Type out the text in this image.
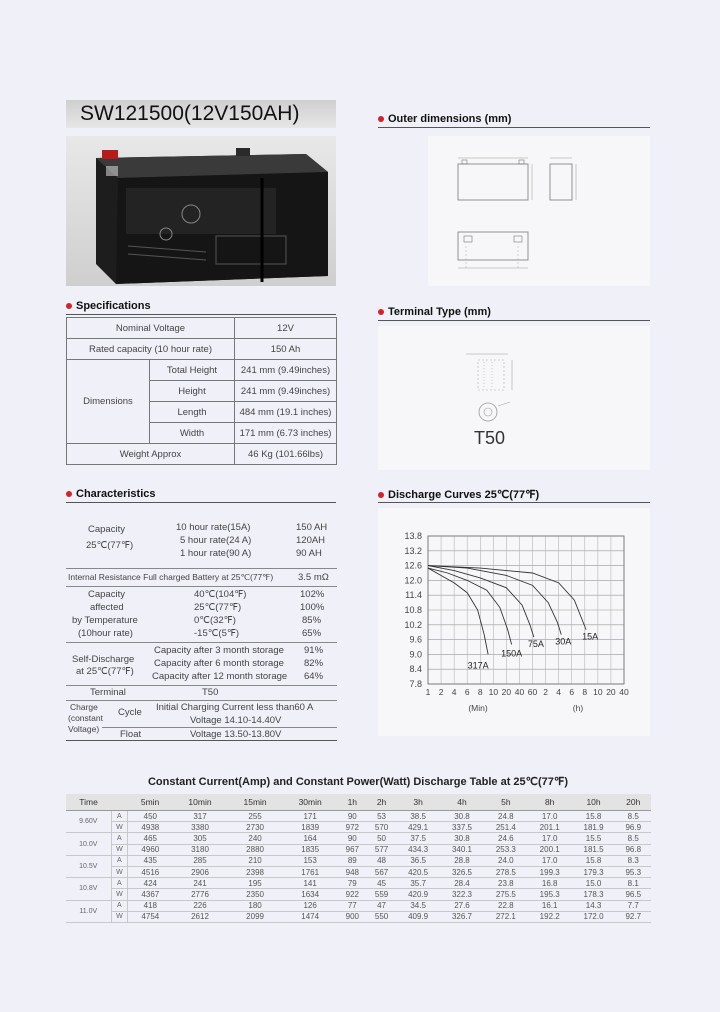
SW121500(12V150AH)	Outer dimensions (mm)
Specifications
Nominal Voltage		12V
Rated capacity (10 hour rate)		150 Ah
Dimensions	Total Height	241 mm (9.49inches)
	Height	241 mm (9.49inches)
	Length	484 mm (19.1 inches)
	Width	171 mm (6.73 inches)
Weight Approx		46 Kg (101.66lbs)
Terminal Type (mm)
T50
Characteristics
Capacity
25℃(77℉)
10 hour rate(15A)	150 AH
5 hour rate(24 A)	120AH
1 hour rate(90 A)	90 AH
Internal Resistance Full charged Battery at 25℃(77℉)	3.5 mΩ
Capacity
affected
by Temperature
(10hour rate)
40℃(104℉)	102%
25℃(77℉)	100%
0℃(32℉)	85%
-15℃(5℉)	65%
Self-Discharge
at 25℃(77℉)
Capacity after 3 month storage 91%
Capacity after 6 month storage 82%
Capacity after 12 month storage 64%
Terminal	T50
Charge
(constant
Voltage)
Cycle Initial Charging Current less than60 A
Voltage 14.10-14.40V
Float	Voltage 13.50-13.80V
Discharge Curves 25℃(77℉)
13.8
13.2
12.6
12.0
11.4
10.8
10.2
9.6
9.0
8.4
7.8
1 2 4 6 8 10 20 40 60 2 4 6 8 10 20 40
(Min)	(h)
317A
150A
75A 30A 15A
Constant Current(Amp) and Constant Power(Watt) Discharge Table at 25℃(77℉)
Time		5min	10min	15min	30min	1h	2h	3h	4h	5h	8h	10h	20h
9.60V	A	450	317	255	171	90	53	38.5	30.8	24.8	17.0	15.8	8.5
	W	4938	3380	2730	1839	972	570	429.1	337.5	251.4	201.1	181.9	96.9
10.0V	A	465	305	240	164	90	50	37.5	30.8	24.6	17.0	15.5	8.5
	W	4960	3180	2880	1835	967	577	434.3	340.1	253.3	200.1	181.5	96.8
10.5V	A	435	285	210	153	89	48	36.5	28.8	24.0	17.0	15.8	8.3
	W	4516	2906	2398	1761	948	567	420.5	326.5	278.5	199.3	179.3	95.3
10.8V	A	424	241	195	141	79	45	35.7	28.4	23.8	16.8	15.0	8.1
	W	4367	2776	2350	1634	922	559	420.9	322.3	275.5	195.3	178.3	96.5
11.0V	A	418	226	180	126	77	47	34.5	27.6	22.8	16.1	14.3	7.7
	W	4754	2612	2099	1474	900	550	409.9	326.7	272.1	192.2	172.0	92.7
